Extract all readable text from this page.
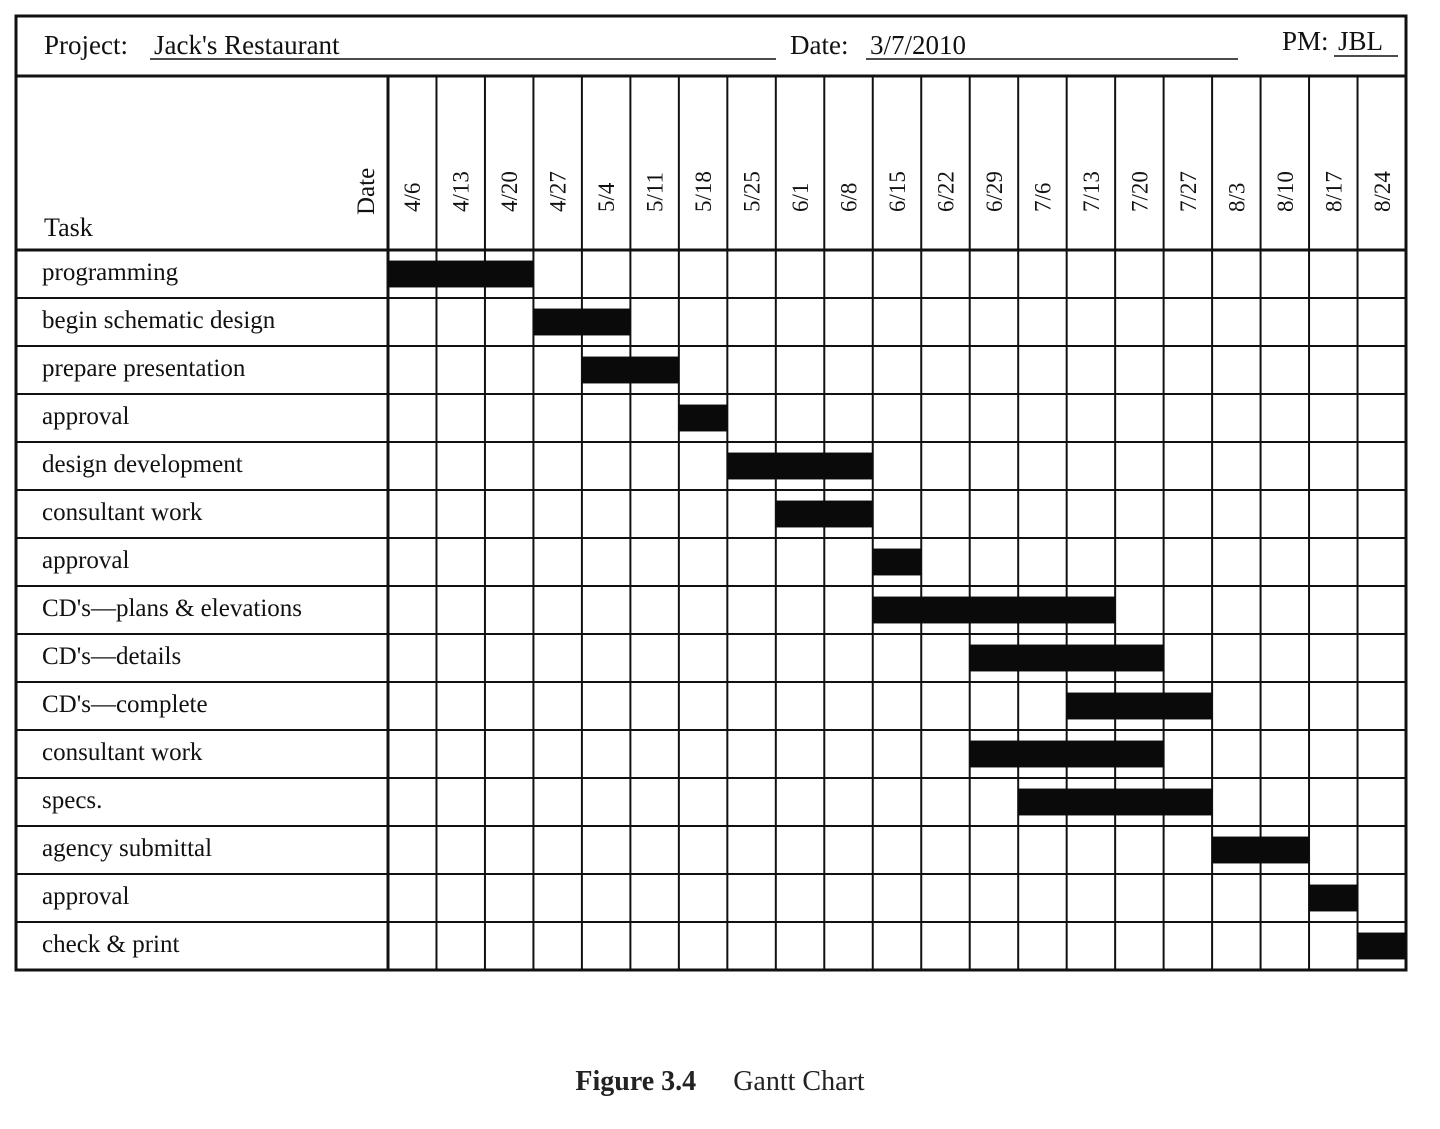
Project: Jack's Restaurant	Date: 3/7/2010	PM: JBL
Date
Task
4/6 4/13 4/20 4/27 5/4 5/11 5/18 5/25 6/1 6/8 6/15 6/22 6/29 7/6 7/13 7/20 7/27 8/3 8/10 8/17 8/24
programming
begin schematic design
prepare presentation
approval
design development
consultant work
approval
CD's—plans & elevations
CD's—details
CD's—complete
consultant work
specs.
agency submittal
approval
check & print
Figure 3.4 Gantt Chart
